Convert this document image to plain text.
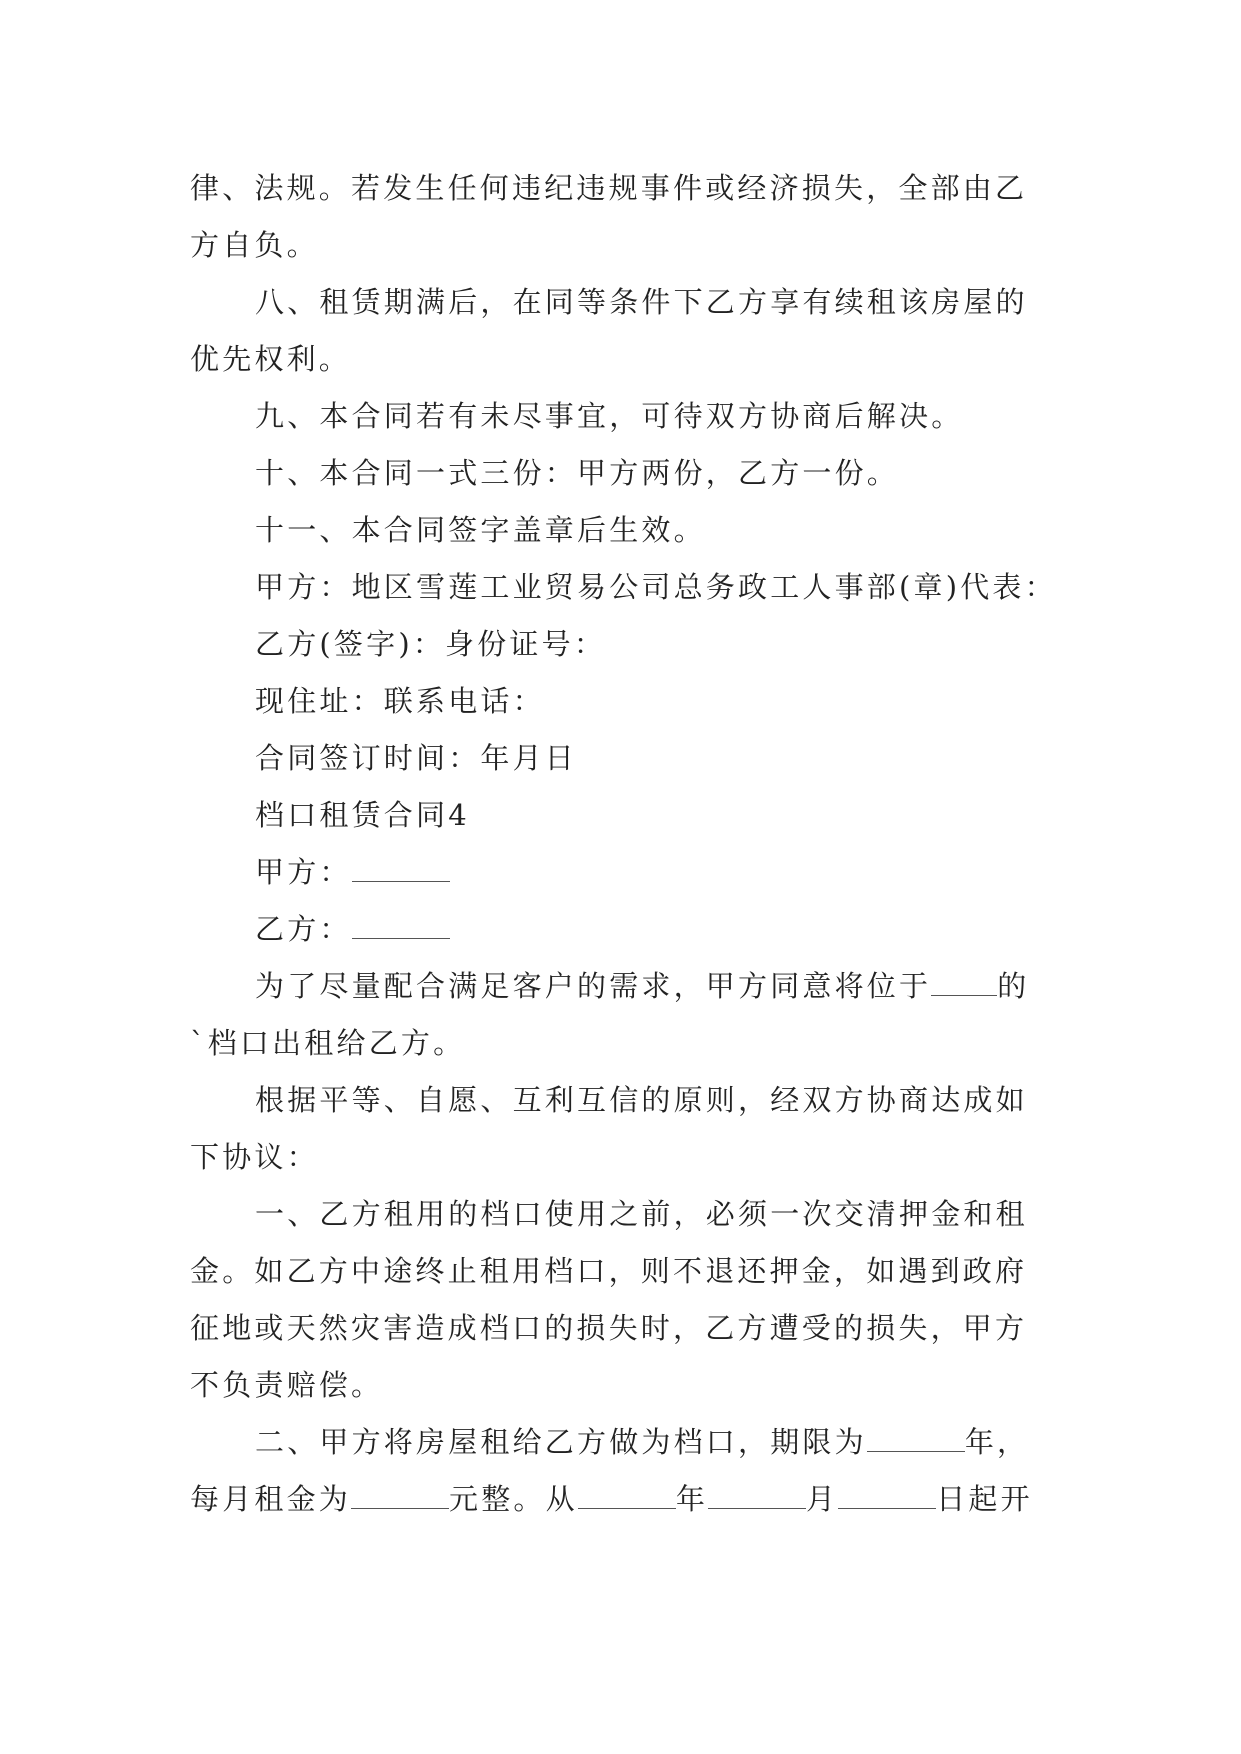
律、法规。若发生任何违纪违规事件或经济损失，全部由乙

方自负。

八、租赁期满后，在同等条件下乙方享有续租该房屋的

优先权利。

九、本合同若有未尽事宜，可待双方协商后解决。

十、本合同一式三份：甲方两份，乙方一份。

十一、本合同签字盖章后生效。

甲方：地区雪莲工业贸易公司总务政工人事部(章)代表：

乙方(签字)：身份证号：

现住址：联系电话：

合同签订时间：年月日

档口租赁合同4

甲方：

乙方：

为了尽量配合满足客户的需求，甲方同意将位于 的

`档口出租给乙方。

根据平等、自愿、互利互信的原则，经双方协商达成如

下协议：

一、乙方租用的档口使用之前，必须一次交清押金和租

金。如乙方中途终止租用档口，则不退还押金，如遇到政府

征地或天然灾害造成档口的损失时，乙方遭受的损失，甲方

不负责赔偿。

二、甲方将房屋租给乙方做为档口，期限为	年，

每月租金为	元整。从	年	月	日起开
